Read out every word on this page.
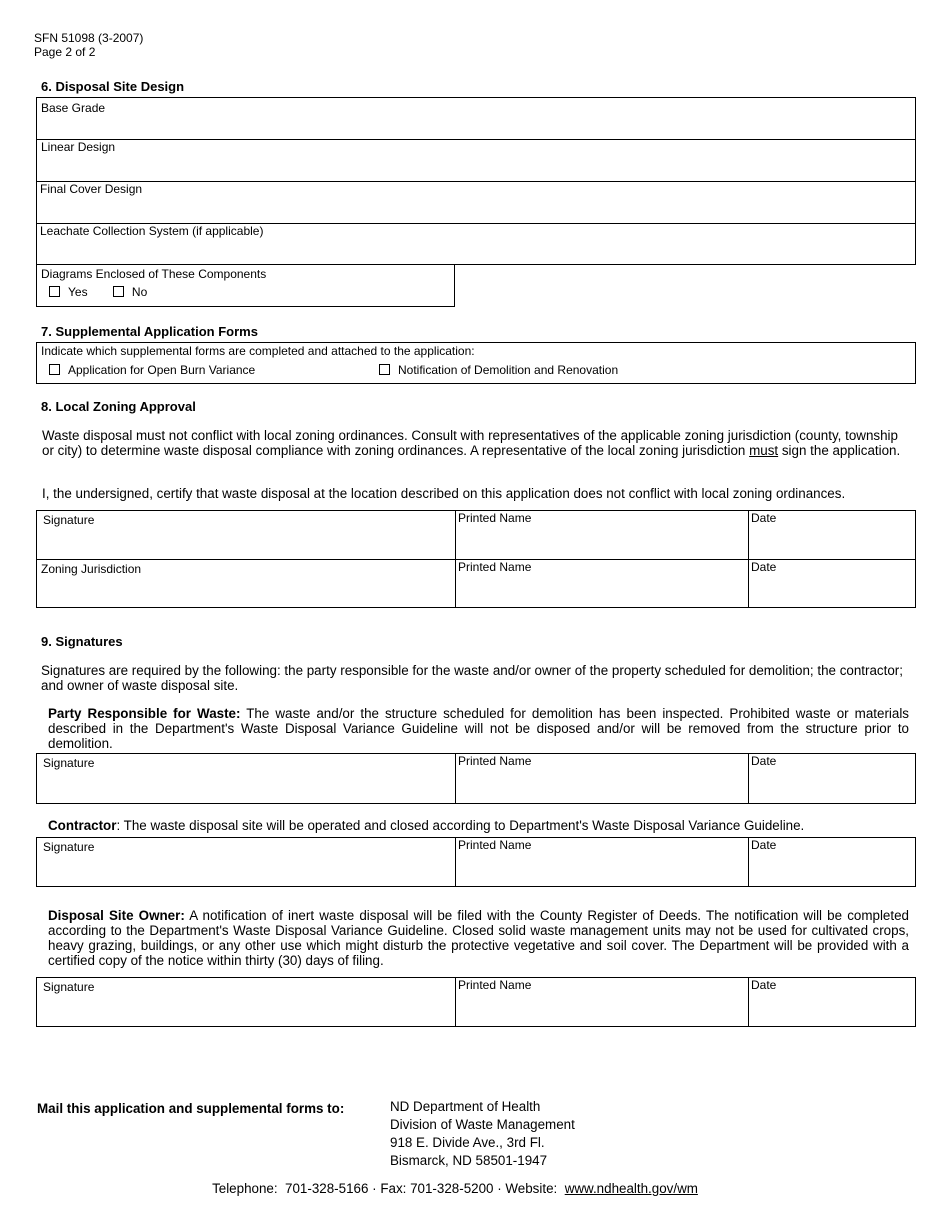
SFN 51098 (3-2007)
Page 2 of 2
6. Disposal Site Design
Base Grade
Linear Design
Final Cover Design
Leachate Collection System (if applicable)
Diagrams Enclosed of These Components
Yes	No
7. Supplemental Application Forms
Indicate which supplemental forms are completed and attached to the application:
Application for Open Burn Variance	Notification of Demolition and Renovation
8. Local Zoning Approval
Waste disposal must not conflict with local zoning ordinances. Consult with representatives of the applicable zoning jurisdiction (county, township or city) to determine waste disposal compliance with zoning ordinances. A representative of the local zoning jurisdiction must sign the application.
I, the undersigned, certify that waste disposal at the location described on this application does not conflict with local zoning ordinances.
Signature	Printed Name	Date
Zoning Jurisdiction	Printed Name	Date
9. Signatures
Signatures are required by the following: the party responsible for the waste and/or owner of the property scheduled for demolition; the contractor; and owner of waste disposal site.
Party Responsible for Waste: The waste and/or the structure scheduled for demolition has been inspected. Prohibited waste or materials described in the Department's Waste Disposal Variance Guideline will not be disposed and/or will be removed from the structure prior to demolition.
Signature	Printed Name	Date
Contractor: The waste disposal site will be operated and closed according to Department's Waste Disposal Variance Guideline.
Signature	Printed Name	Date
Disposal Site Owner: A notification of inert waste disposal will be filed with the County Register of Deeds. The notification will be completed according to the Department's Waste Disposal Variance Guideline. Closed solid waste management units may not be used for cultivated crops, heavy grazing, buildings, or any other use which might disturb the protective vegetative and soil cover. The Department will be provided with a certified copy of the notice within thirty (30) days of filing.
Signature	Printed Name	Date
Mail this application and supplemental forms to:	ND Department of Health
Division of Waste Management
918 E. Divide Ave., 3rd Fl.
Bismarck, ND 58501-1947
Telephone:  701-328-5166 · Fax: 701-328-5200 · Website:  www.ndhealth.gov/wm
